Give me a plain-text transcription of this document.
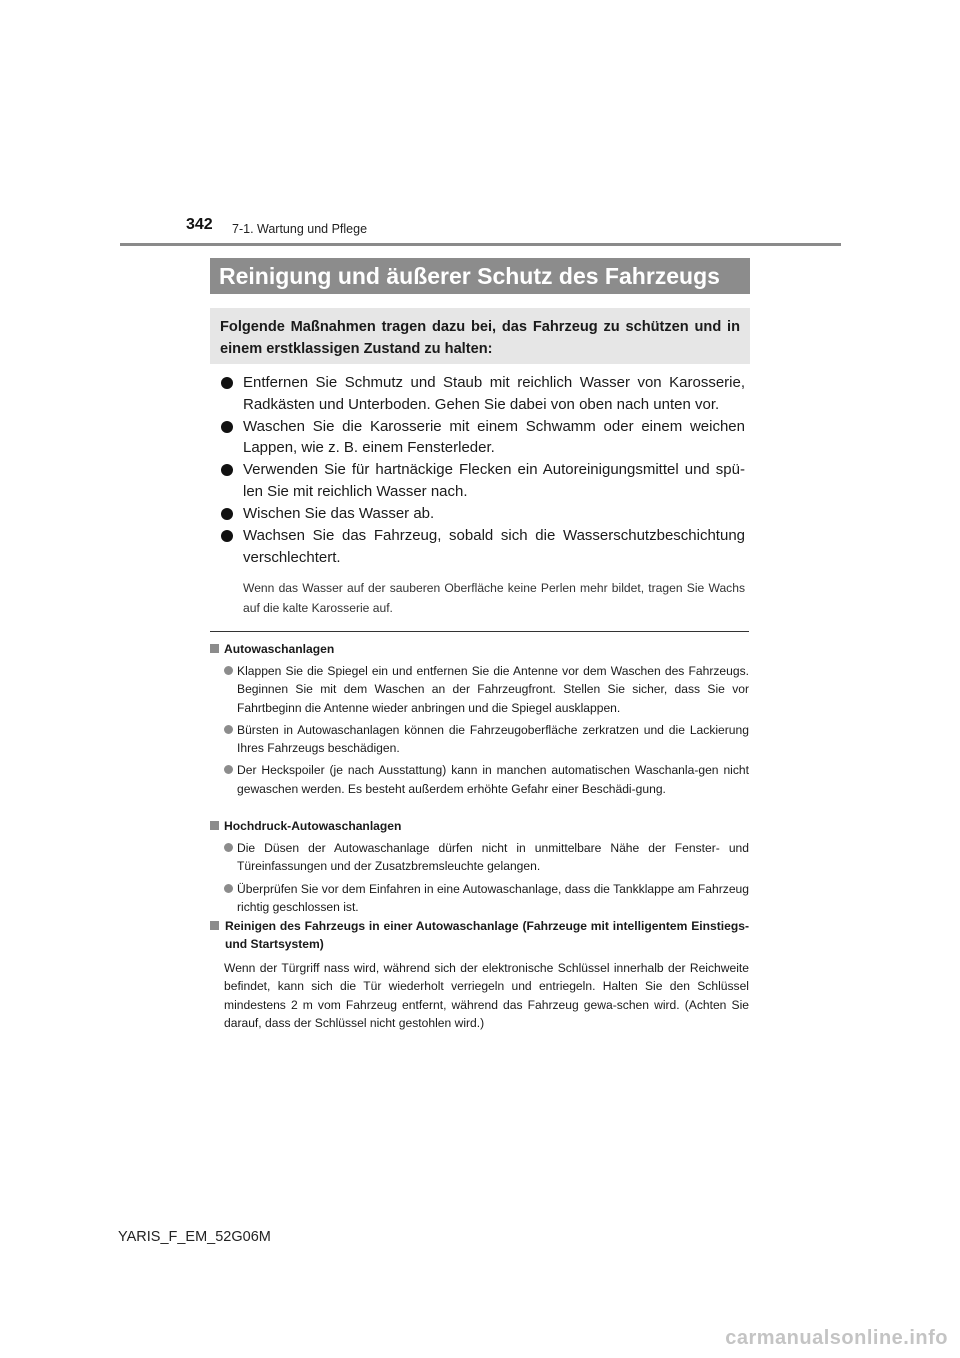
342 7-1. Wartung und Pflege
Reinigung und äußerer Schutz des Fahrzeugs
Folgende Maßnahmen tragen dazu bei, das Fahrzeug zu schützen und in einem erstklassigen Zustand zu halten:
Entfernen Sie Schmutz und Staub mit reichlich Wasser von Karosserie, Radkästen und Unterboden. Gehen Sie dabei von oben nach unten vor.
Waschen Sie die Karosserie mit einem Schwamm oder einem weichen Lappen, wie z. B. einem Fensterleder.
Verwenden Sie für hartnäckige Flecken ein Autoreinigungsmittel und spü-len Sie mit reichlich Wasser nach.
Wischen Sie das Wasser ab.
Wachsen Sie das Fahrzeug, sobald sich die Wasserschutzbeschichtung verschlechtert.
Wenn das Wasser auf der sauberen Oberfläche keine Perlen mehr bildet, tragen Sie Wachs auf die kalte Karosserie auf.
Autowaschanlagen
Klappen Sie die Spiegel ein und entfernen Sie die Antenne vor dem Waschen des Fahrzeugs. Beginnen Sie mit dem Waschen an der Fahrzeugfront. Stellen Sie sicher, dass Sie vor Fahrtbeginn die Antenne wieder anbringen und die Spiegel ausklappen.
Bürsten in Autowaschanlagen können die Fahrzeugoberfläche zerkratzen und die Lackierung Ihres Fahrzeugs beschädigen.
Der Heckspoiler (je nach Ausstattung) kann in manchen automatischen Waschanla-gen nicht gewaschen werden. Es besteht außerdem erhöhte Gefahr einer Beschädi-gung.
Hochdruck-Autowaschanlagen
Die Düsen der Autowaschanlage dürfen nicht in unmittelbare Nähe der Fenster- und Türeinfassungen und der Zusatzbremsleuchte gelangen.
Überprüfen Sie vor dem Einfahren in eine Autowaschanlage, dass die Tankklappe am Fahrzeug richtig geschlossen ist.
Reinigen des Fahrzeugs in einer Autowaschanlage (Fahrzeuge mit intelligentem Einstiegs- und Startsystem)
Wenn der Türgriff nass wird, während sich der elektronische Schlüssel innerhalb der Reichweite befindet, kann sich die Tür wiederholt verriegeln und entriegeln. Halten Sie den Schlüssel mindestens 2 m vom Fahrzeug entfernt, während das Fahrzeug gewa-schen wird. (Achten Sie darauf, dass der Schlüssel nicht gestohlen wird.)
YARIS_F_EM_52G06M
carmanualsonline.info
